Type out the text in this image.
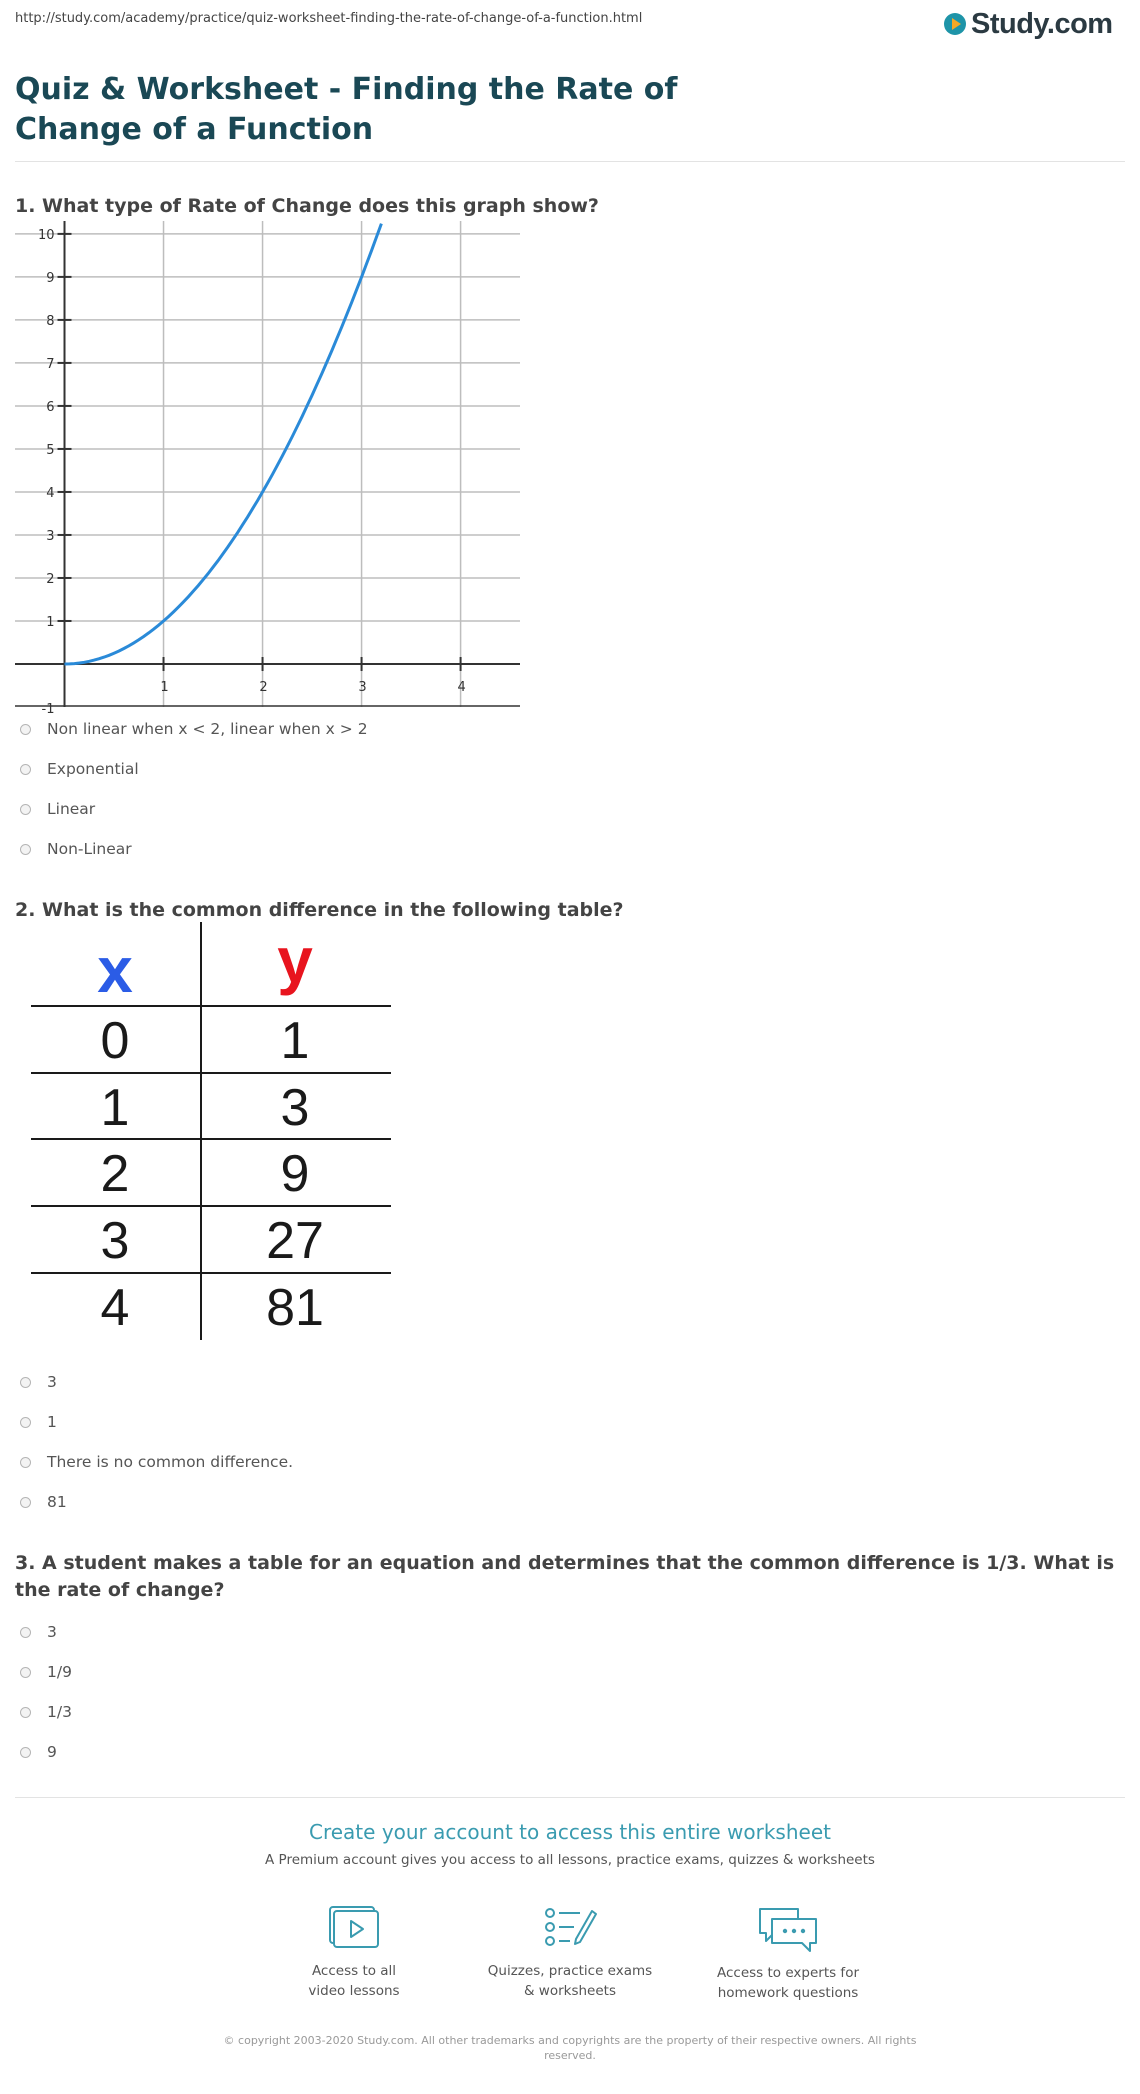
http://study.com/academy/practice/quiz-worksheet-finding-the-rate-of-change-of-a-function.html	Study.com
Quiz & Worksheet - Finding the Rate of Change of a Function
1. What type of Rate of Change does this graph show?
1	2	3	4
1
2
3
4
5
6
7
8
9
10
-1
Non linear when x < 2, linear when x > 2
Exponential
Linear
Non-Linear
2. What is the common difference in the following table?
x y
0	1
1	3
2	9
3	27
4	81
3
1
There is no common difference.
81
3. A student makes a table for an equation and determines that the common difference is 1/3. What is the rate of change?
3
1/9
1/3
9
Create your account to access this entire worksheet
A Premium account gives you access to all lessons, practice exams, quizzes & worksheets
Access to all
video lessons
Quizzes, practice exams
& worksheets
Access to experts for
homework questions
© copyright 2003-2020 Study.com. All other trademarks and copyrights are the property of their respective owners. All rights reserved.
